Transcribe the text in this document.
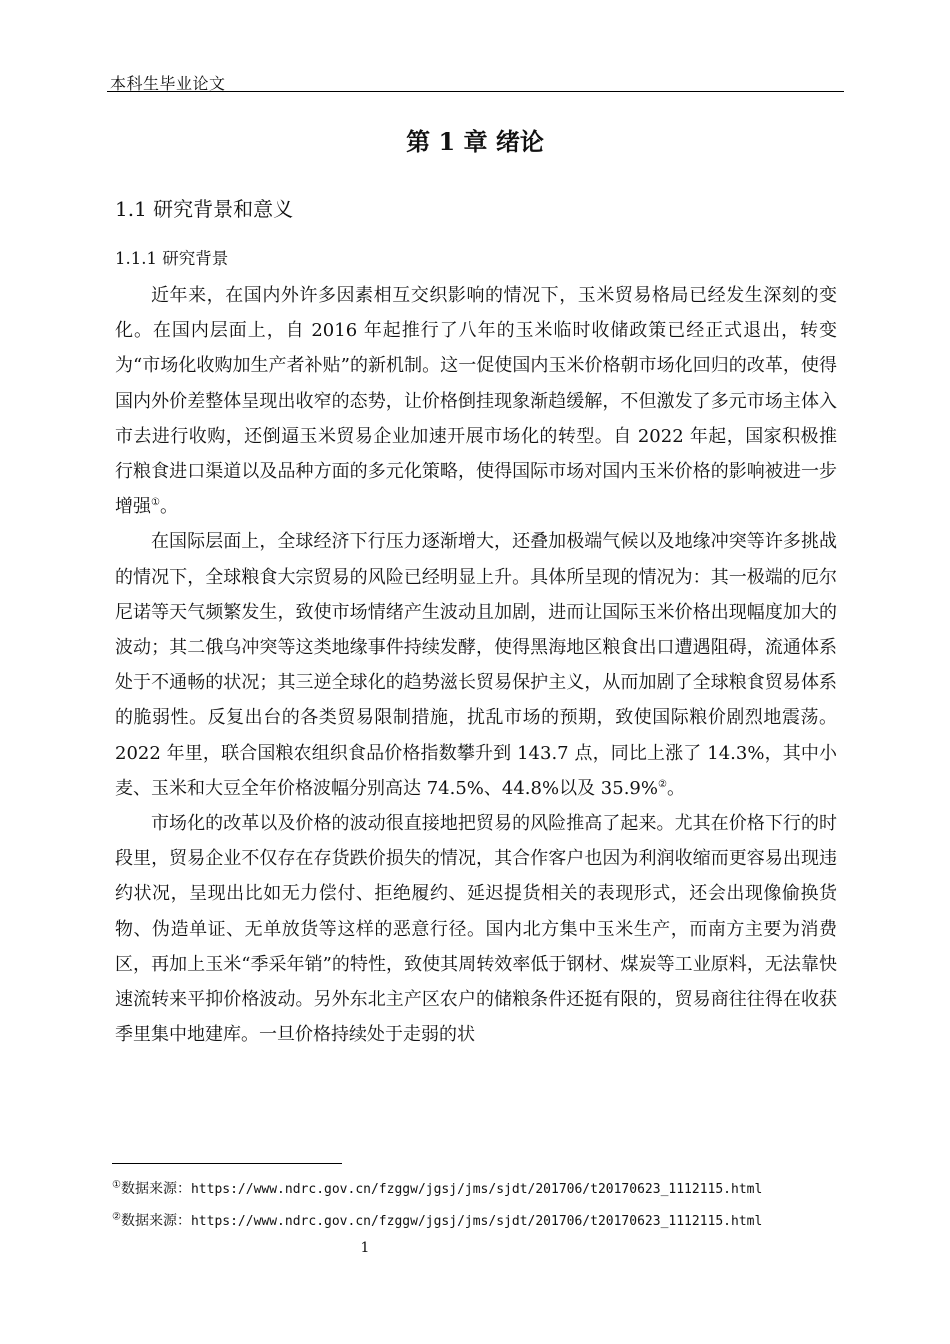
本科生毕业论文
第 1 章 绪论
1.1 研究背景和意义
1.1.1 研究背景

近年来，在国内外许多因素相互交织影响的情况下，玉米贸易格局已经发生深刻的变化。在国内层面上，自 2016 年起推行了八年的玉米临时收储政策已经正式退出，转变为“市场化收购加生产者补贴”的新机制。这一促使国内玉米价格朝市场化回归的改革，使得国内外价差整体呈现出收窄的态势，让价格倒挂现象渐趋缓解，不但激发了多元市场主体入市去进行收购，还倒逼玉米贸易企业加速开展市场化的转型。自 2022 年起，国家积极推行粮食进口渠道以及品种方面的多元化策略，使得国际市场对国内玉米价格的影响被进一步增强①。

在国际层面上，全球经济下行压力逐渐增大，还叠加极端气候以及地缘冲突等许多挑战的情况下，全球粮食大宗贸易的风险已经明显上升。具体所呈现的情况为：其一极端的厄尔尼诺等天气频繁发生，致使市场情绪产生波动且加剧，进而让国际玉米价格出现幅度加大的波动；其二俄乌冲突等这类地缘事件持续发酵，使得黑海地区粮食出口遭遇阻碍，流通体系处于不通畅的状况；其三逆全球化的趋势滋长贸易保护主义，从而加剧了全球粮食贸易体系的脆弱性。反复出台的各类贸易限制措施，扰乱市场的预期，致使国际粮价剧烈地震荡。2022 年里，联合国粮农组织食品价格指数攀升到 143.7 点，同比上涨了 14.3%，其中小麦、玉米和大豆全年价格波幅分别高达 74.5%、44.8%以及 35.9%②。

市场化的改革以及价格的波动很直接地把贸易的风险推高了起来。尤其在价格下行的时段里，贸易企业不仅存在存货跌价损失的情况，其合作客户也因为利润收缩而更容易出现违约状况，呈现出比如无力偿付、拒绝履约、延迟提货相关的表现形式，还会出现像偷换货物、伪造单证、无单放货等这样的恶意行径。国内北方集中玉米生产，而南方主要为消费区，再加上玉米“季采年销”的特性，致使其周转效率低于钢材、煤炭等工业原料，无法靠快速流转来平抑价格波动。另外东北主产区农户的储粮条件还挺有限的，贸易商往往得在收获季里集中地建库。一旦价格持续处于走弱的状

①数据来源：https://www.ndrc.gov.cn/fzggw/jgsj/jms/sjdt/201706/t20170623_1112115.html
②数据来源：https://www.ndrc.gov.cn/fzggw/jgsj/jms/sjdt/201706/t20170623_1112115.html
1
